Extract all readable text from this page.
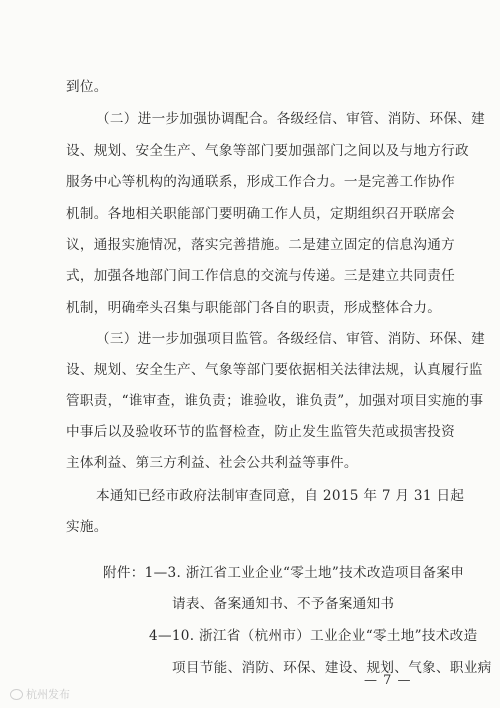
到位。
（二）进一步加强协调配合。各级经信、审管、消防、环保、建
设、规划、安全生产、气象等部门要加强部门之间以及与地方行政
服务中心等机构的沟通联系，形成工作合力。一是完善工作协作
机制。各地相关职能部门要明确工作人员，定期组织召开联席会
议，通报实施情况，落实完善措施。二是建立固定的信息沟通方
式，加强各地部门间工作信息的交流与传递。三是建立共同责任
机制，明确牵头召集与职能部门各自的职责，形成整体合力。
（三）进一步加强项目监管。各级经信、审管、消防、环保、建
设、规划、安全生产、气象等部门要依据相关法律法规，认真履行监
管职责，“谁审查，谁负责；谁验收，谁负责”，加强对项目实施的事
中事后以及验收环节的监督检查，防止发生监管失范或损害投资
主体利益、第三方利益、社会公共利益等事件。
本通知已经市政府法制审查同意，自 2015 年 7 月 31 日起
实施。
附件：1—3. 浙江省工业企业“零土地”技术改造项目备案申
请表、备案通知书、不予备案通知书
4—10. 浙江省（杭州市）工业企业“零土地”技术改造
项目节能、消防、环保、建设、规划、气象、职业病
— 7 —
杭州发布
